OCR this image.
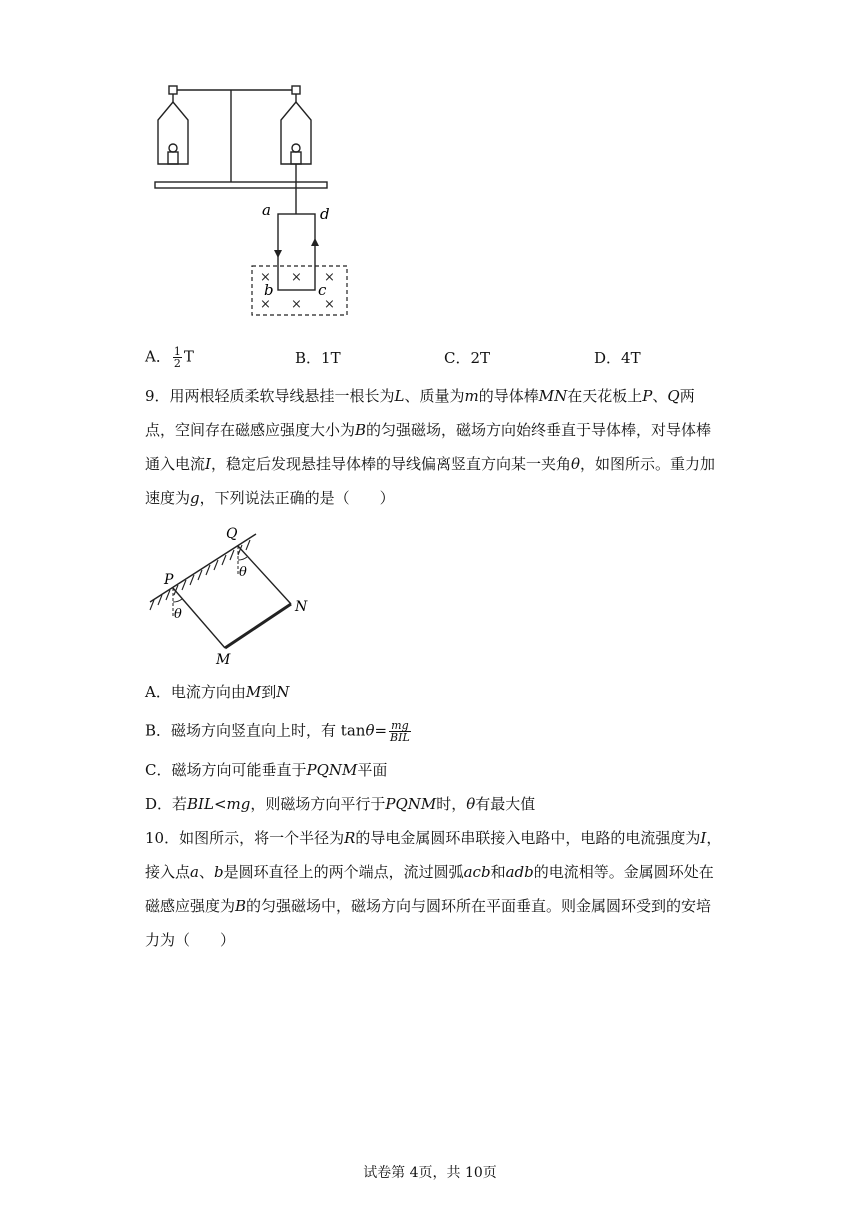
a	d
b	c
× × ×
× × ×
A． $\frac{1}{2}$ T	B．1T	C．2T	D．4T
9．用两根轻质柔软导线悬挂一根长为L、质量为m的导体棒MN在天花板上P、Q两
点，空间存在磁感应强度大小为B的匀强磁场，磁场方向始终垂直于导体棒，对导体棒
通入电流I，稳定后发现悬挂导体棒的导线偏离竖直方向某一夹角θ，如图所示。重力加
速度为g，下列说法正确的是（　　）
P
Q
M
N
θ
θ
A．电流方向由M到N
B．磁场方向竖直向上时，有 $\tan\theta= \frac{mg}{\text{BIL}}$
C．磁场方向可能垂直于PQNM平面
D．若BIL<mg，则磁场方向平行于PQNM时，θ有最大值
10．如图所示，将一个半径为R的导电金属圆环串联接入电路中，电路的电流强度为I，
接入点a、b是圆环直径上的两个端点，流过圆弧acb和adb的电流相等。金属圆环处在
磁感应强度为B的匀强磁场中，磁场方向与圆环所在平面垂直。则金属圆环受到的安培
力为（　　）
试卷第 4页，共 10页
